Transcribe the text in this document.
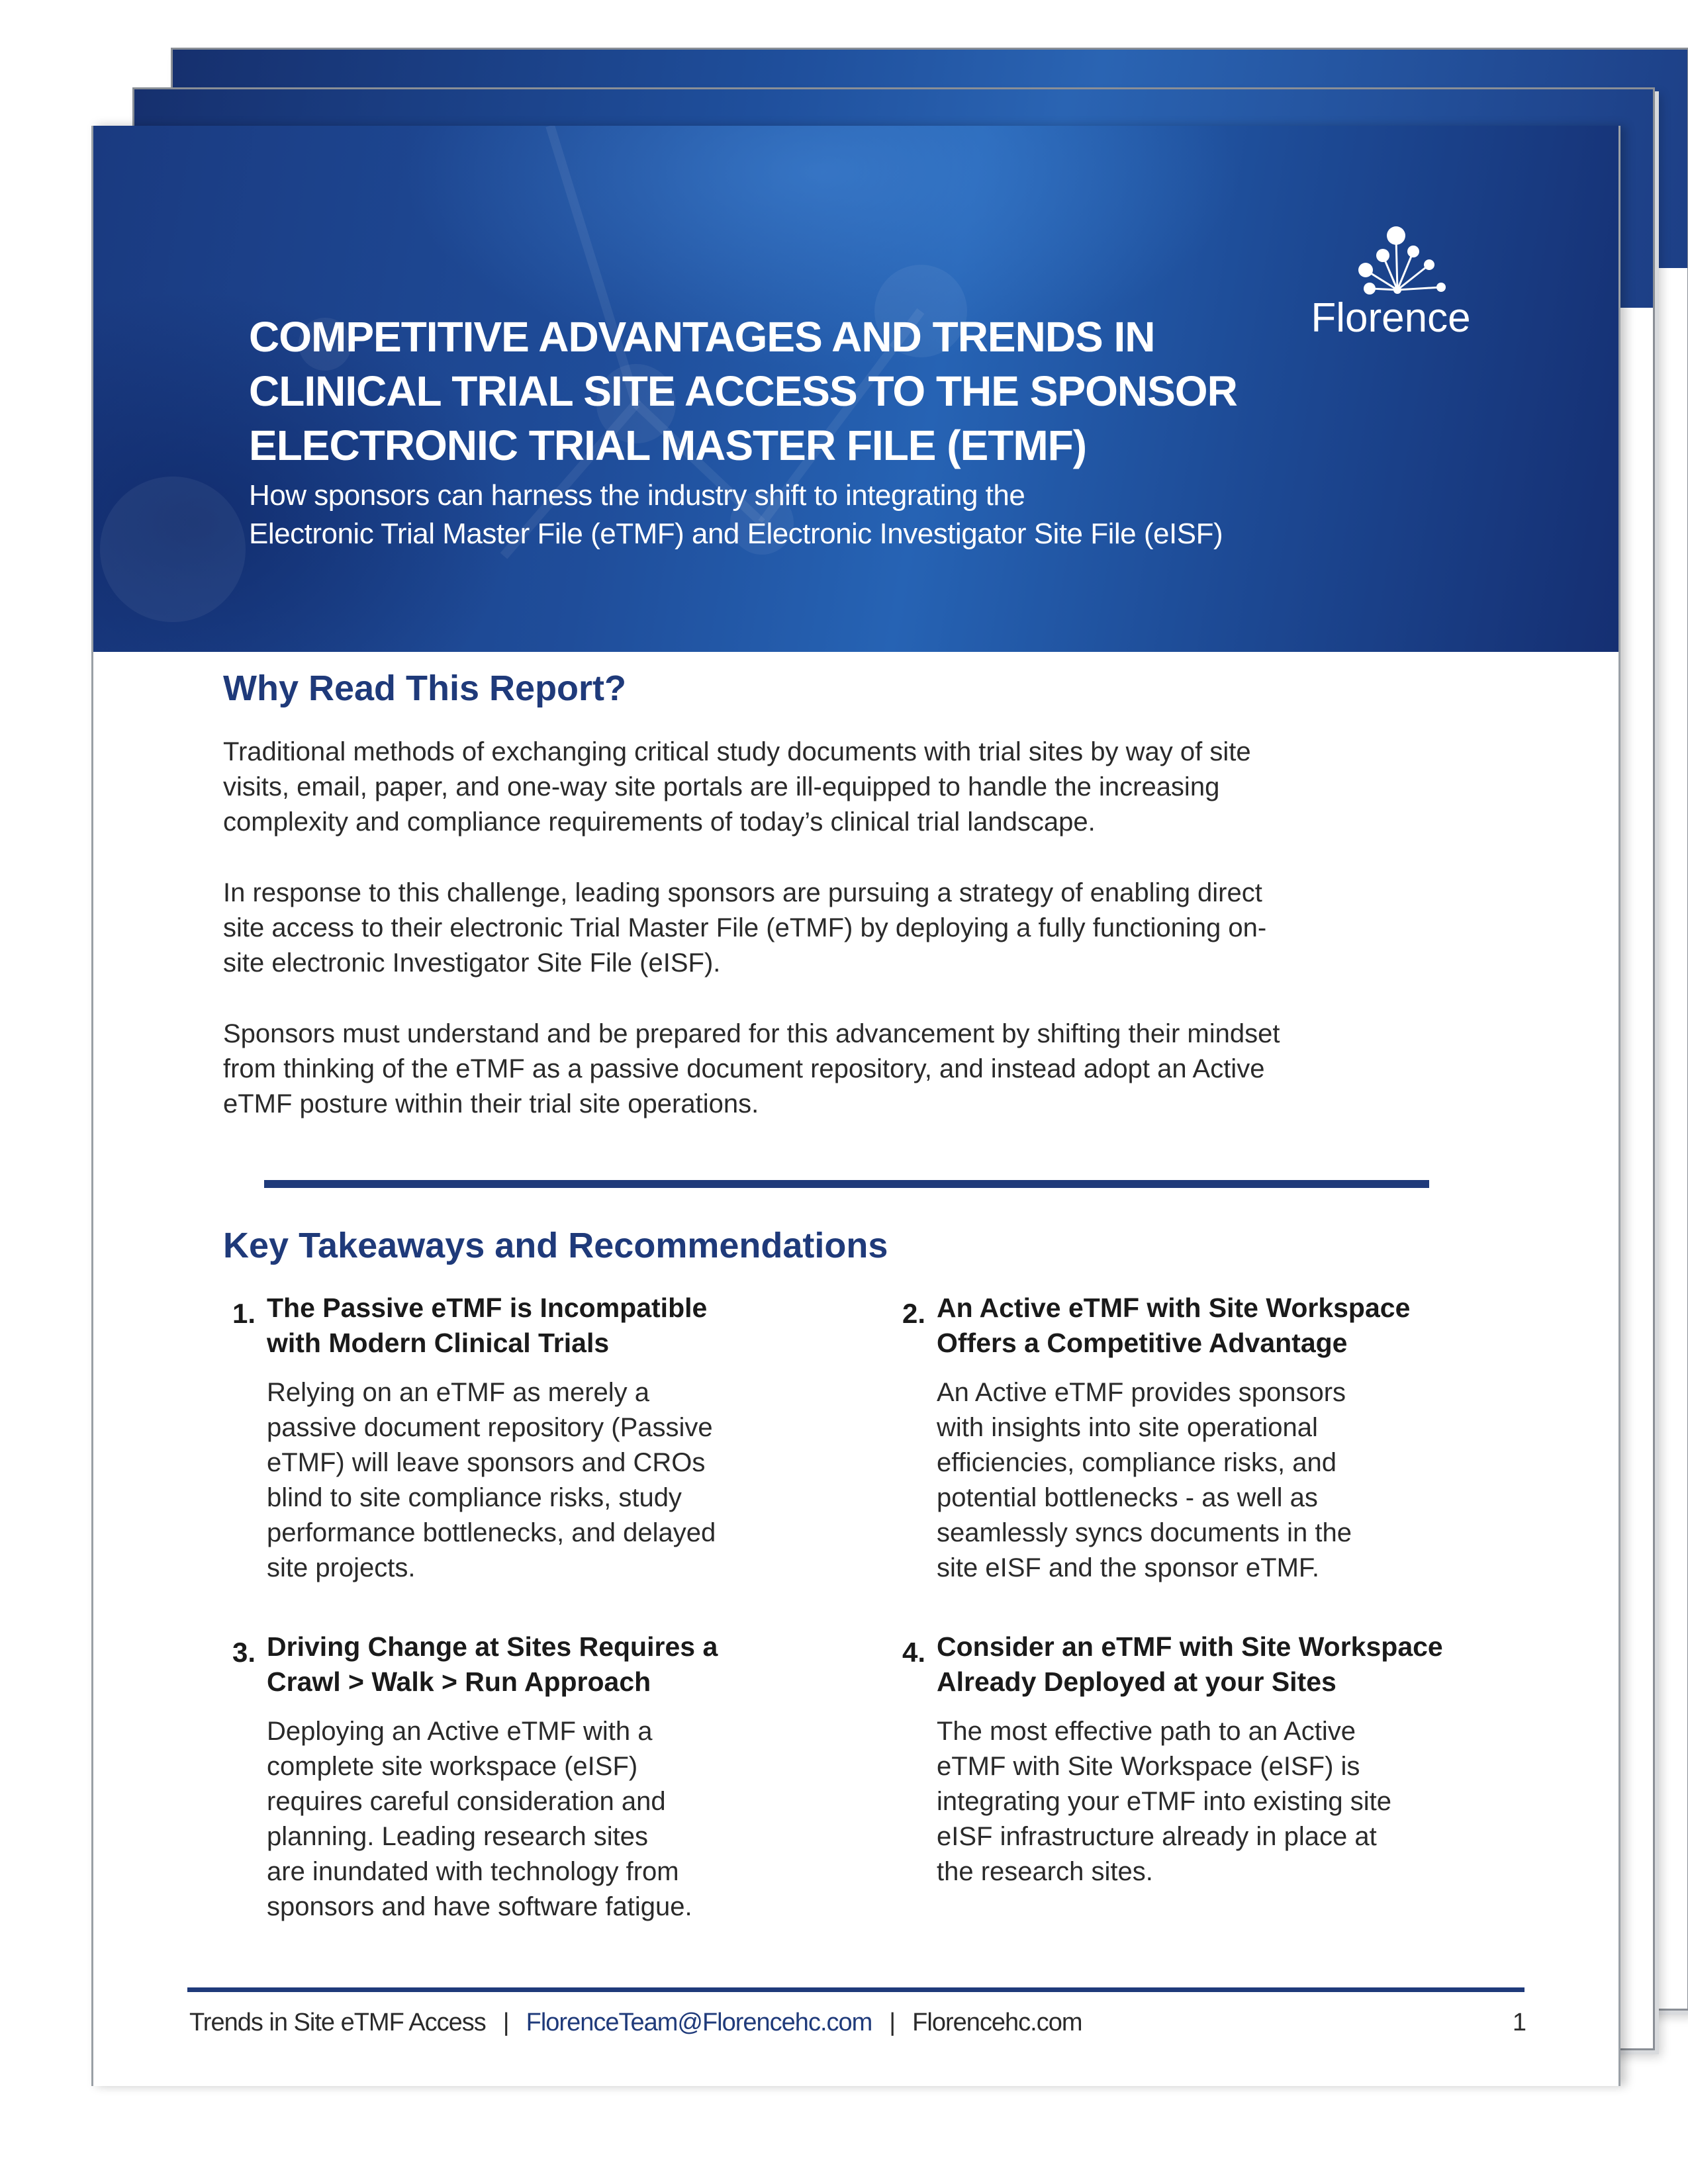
COMPETITIVE ADVANTAGES AND TRENDS IN
CLINICAL TRIAL SITE ACCESS TO THE SPONSOR
ELECTRONIC TRIAL MASTER FILE (ETMF)

How sponsors can harness the industry shift to integrating the
Electronic Trial Master File (eTMF) and Electronic Investigator Site File (eISF)

Florence
Why Read This Report?

Traditional methods of exchanging critical study documents with trial sites by way of site
visits, email, paper, and one-way site portals are ill-equipped to handle the increasing
complexity and compliance requirements of today’s clinical trial landscape.

In response to this challenge, leading sponsors are pursuing a strategy of enabling direct
site access to their electronic Trial Master File (eTMF) by deploying a fully functioning on-
site electronic Investigator Site File (eISF).

Sponsors must understand and be prepared for this advancement by shifting their mindset
from thinking of the eTMF as a passive document repository, and instead adopt an Active
eTMF posture within their trial site operations.

Key Takeaways and Recommendations
1. The Passive eTMF is Incompatible
with Modern Clinical Trials

Relying on an eTMF as merely a
passive document repository (Passive
eTMF) will leave sponsors and CROs
blind to site compliance risks, study
performance bottlenecks, and delayed
site projects.

2. An Active eTMF with Site Workspace
Offers a Competitive Advantage

An Active eTMF provides sponsors
with insights into site operational
efficiencies, compliance risks, and
potential bottlenecks - as well as
seamlessly syncs documents in the
site eISF and the sponsor eTMF.

3. Driving Change at Sites Requires a
Crawl > Walk > Run Approach

Deploying an Active eTMF with a
complete site workspace (eISF)
requires careful consideration and
planning. Leading research sites
are inundated with technology from
sponsors and have software fatigue.

4. Consider an eTMF with Site Workspace
Already Deployed at your Sites

The most effective path to an Active
eTMF with Site Workspace (eISF) is
integrating your eTMF into existing site
eISF infrastructure already in place at
the research sites.

Trends in Site eTMF Access | FlorenceTeam@Florencehc.com | Florencehc.com	1
